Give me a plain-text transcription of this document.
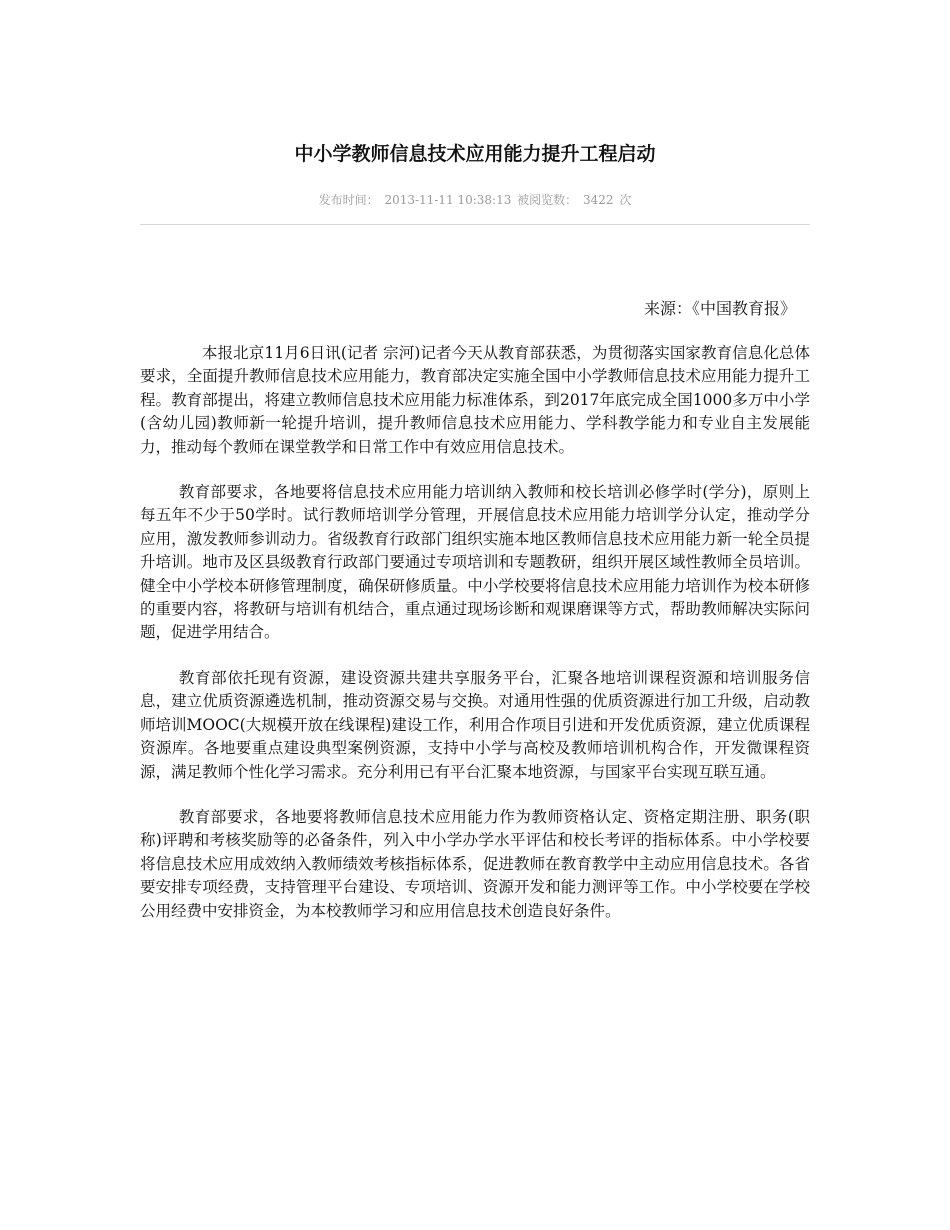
中小学教师信息技术应用能力提升工程启动
发布时间： 2013-11-11 10:38:13 被阅览数： 3422 次
来源：《中国教育报》

本报北京11月6日讯(记者 宗河)记者今天从教育部获悉，为贯彻落实国家教育信息化总体要求，全面提升教师信息技术应用能力，教育部决定实施全国中小学教师信息技术应用能力提升工程。教育部提出，将建立教师信息技术应用能力标准体系，到2017年底完成全国1000多万中小学(含幼儿园)教师新一轮提升培训，提升教师信息技术应用能力、学科教学能力和专业自主发展能力，推动每个教师在课堂教学和日常工作中有效应用信息技术。

教育部要求，各地要将信息技术应用能力培训纳入教师和校长培训必修学时(学分)，原则上每五年不少于50学时。试行教师培训学分管理，开展信息技术应用能力培训学分认定，推动学分应用，激发教师参训动力。省级教育行政部门组织实施本地区教师信息技术应用能力新一轮全员提升培训。地市及区县级教育行政部门要通过专项培训和专题教研，组织开展区域性教师全员培训。健全中小学校本研修管理制度，确保研修质量。中小学校要将信息技术应用能力培训作为校本研修的重要内容，将教研与培训有机结合，重点通过现场诊断和观课磨课等方式，帮助教师解决实际问题，促进学用结合。

教育部依托现有资源，建设资源共建共享服务平台，汇聚各地培训课程资源和培训服务信息，建立优质资源遴选机制，推动资源交易与交换。对通用性强的优质资源进行加工升级，启动教师培训MOOC(大规模开放在线课程)建设工作，利用合作项目引进和开发优质资源，建立优质课程资源库。各地要重点建设典型案例资源，支持中小学与高校及教师培训机构合作，开发微课程资源，满足教师个性化学习需求。充分利用已有平台汇聚本地资源，与国家平台实现互联互通。

教育部要求，各地要将教师信息技术应用能力作为教师资格认定、资格定期注册、职务(职称)评聘和考核奖励等的必备条件，列入中小学办学水平评估和校长考评的指标体系。中小学校要将信息技术应用成效纳入教师绩效考核指标体系，促进教师在教育教学中主动应用信息技术。各省要安排专项经费，支持管理平台建设、专项培训、资源开发和能力测评等工作。中小学校要在学校公用经费中安排资金，为本校教师学习和应用信息技术创造良好条件。
